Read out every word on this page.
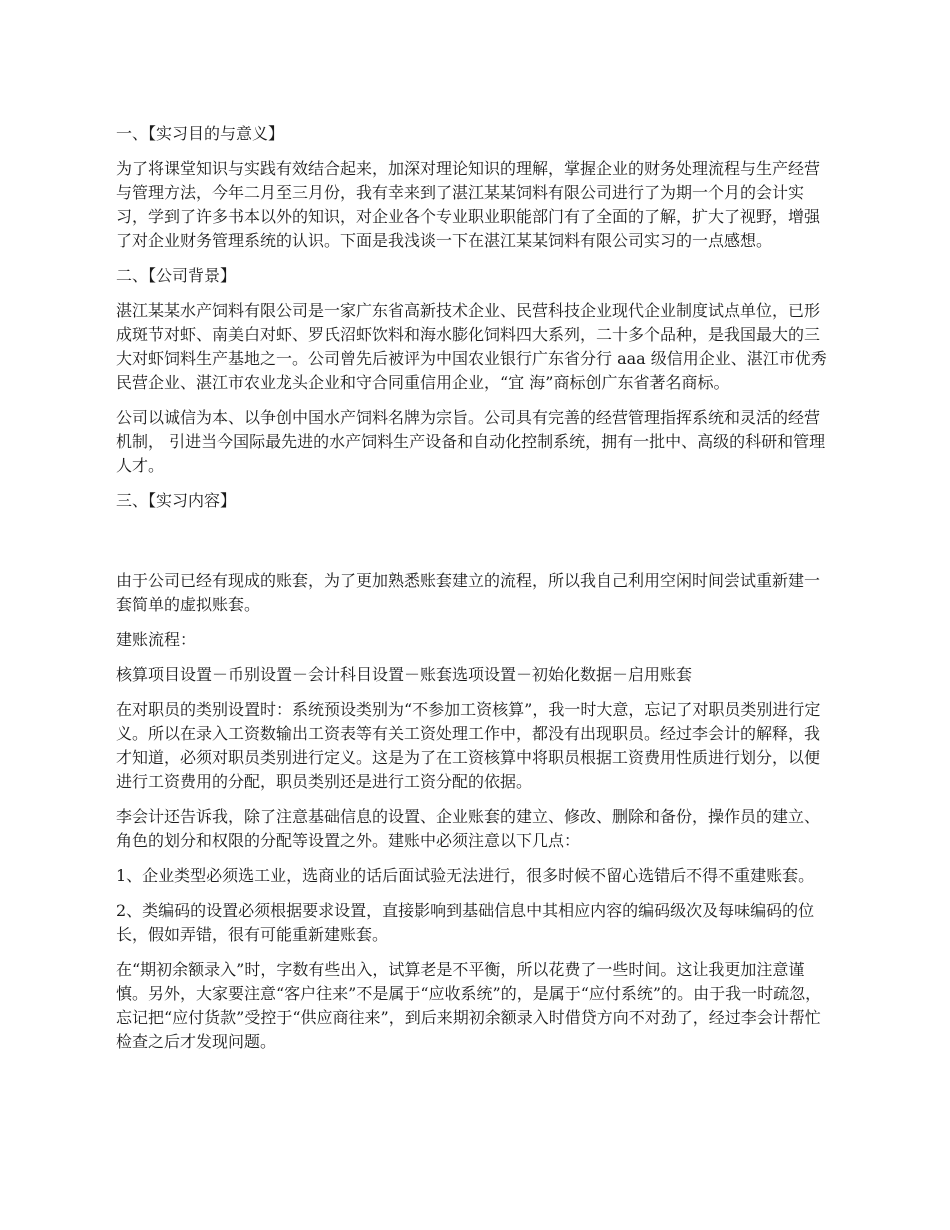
一、【实习目的与意义】
为了将课堂知识与实践有效结合起来，加深对理论知识的理解，掌握企业的财务处理流程与生产经营与管理方法，今年二月至三月份，我有幸来到了湛江某某饲料有限公司进行了为期一个月的会计实习，学到了许多书本以外的知识，对企业各个专业职业职能部门有了全面的了解，扩大了视野，增强了对企业财务管理系统的认识。下面是我浅谈一下在湛江某某饲料有限公司实习的一点感想。
二、【公司背景】
湛江某某水产饲料有限公司是一家广东省高新技术企业、民营科技企业现代企业制度试点单位，已形成斑节对虾、南美白对虾、罗氏沼虾饮料和海水膨化饲料四大系列，二十多个品种，是我国最大的三大对虾饲料生产基地之一。公司曾先后被评为中国农业银行广东省分行 aaa 级信用企业、湛江市优秀民营企业、湛江市农业龙头企业和守合同重信用企业，“宜 海”商标创广东省著名商标。
公司以诚信为本、以争创中国水产饲料名牌为宗旨。公司具有完善的经营管理指挥系统和灵活的经营机制， 引进当今国际最先进的水产饲料生产设备和自动化控制系统，拥有一批中、高级的科研和管理人才。
三、【实习内容】
由于公司已经有现成的账套，为了更加熟悉账套建立的流程，所以我自己利用空闲时间尝试重新建一套简单的虚拟账套。
建账流程：
核算项目设置－币别设置－会计科目设置－账套选项设置－初始化数据－启用账套
在对职员的类别设置时：系统预设类别为“不参加工资核算”，我一时大意，忘记了对职员类别进行定义。所以在录入工资数输出工资表等有关工资处理工作中，都没有出现职员。经过李会计的解释，我才知道，必须对职员类别进行定义。这是为了在工资核算中将职员根据工资费用性质进行划分，以便进行工资费用的分配，职员类别还是进行工资分配的依据。
李会计还告诉我，除了注意基础信息的设置、企业账套的建立、修改、删除和备份，操作员的建立、角色的划分和权限的分配等设置之外。建账中必须注意以下几点：
1、企业类型必须选工业，选商业的话后面试验无法进行，很多时候不留心选错后不得不重建账套。
2、类编码的设置必须根据要求设置，直接影响到基础信息中其相应内容的编码级次及每味编码的位长，假如弄错，很有可能重新建账套。
在“期初余额录入”时，字数有些出入，试算老是不平衡，所以花费了一些时间。这让我更加注意谨慎。另外，大家要注意“客户往来”不是属于“应收系统”的，是属于“应付系统”的。由于我一时疏忽，忘记把“应付货款”受控于“供应商往来”，到后来期初余额录入时借贷方向不对劲了，经过李会计帮忙检查之后才发现问题。
